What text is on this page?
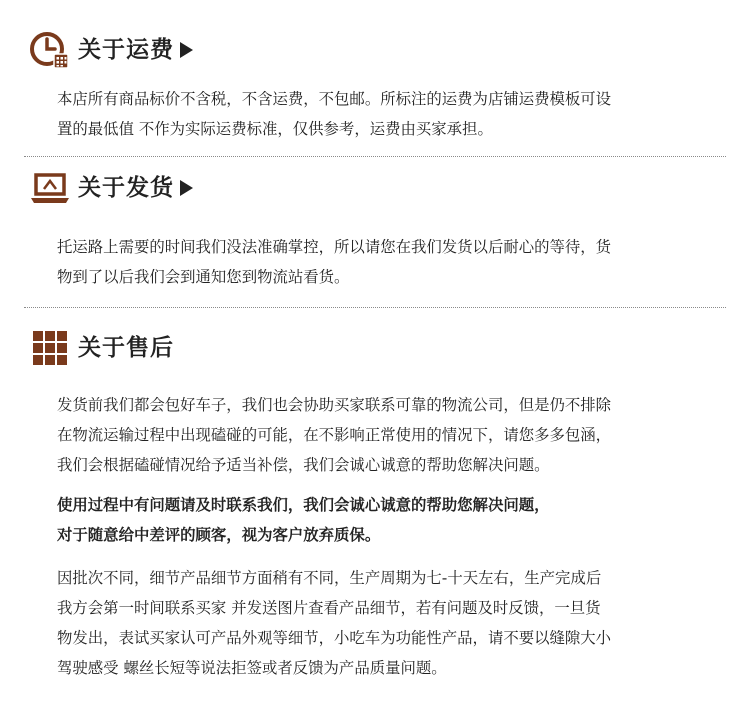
关于运费

本店所有商品标价不含税，不含运费，不包邮。所标注的运费为店铺运费模板可设
置的最低值 不作为实际运费标准，仅供参考，运费由买家承担。

关于发货

托运路上需要的时间我们没法准确掌控，所以请您在我们发货以后耐心的等待，货
物到了以后我们会到通知您到物流站看货。

关于售后

发货前我们都会包好车子，我们也会协助买家联系可靠的物流公司，但是仍不排除
在物流运输过程中出现磕碰的可能，在不影响正常使用的情况下，请您多多包涵，
我们会根据磕碰情况给予适当补偿，我们会诚心诚意的帮助您解决问题。

使用过程中有问题请及时联系我们，我们会诚心诚意的帮助您解决问题，
对于随意给中差评的顾客，视为客户放弃质保。

因批次不同，细节产品细节方面稍有不同，生产周期为七-十天左右，生产完成后
我方会第一时间联系买家 并发送图片查看产品细节，若有问题及时反馈，一旦货
物发出，表试买家认可产品外观等细节，小吃车为功能性产品，请不要以缝隙大小
驾驶感受 螺丝长短等说法拒签或者反馈为产品质量问题。
